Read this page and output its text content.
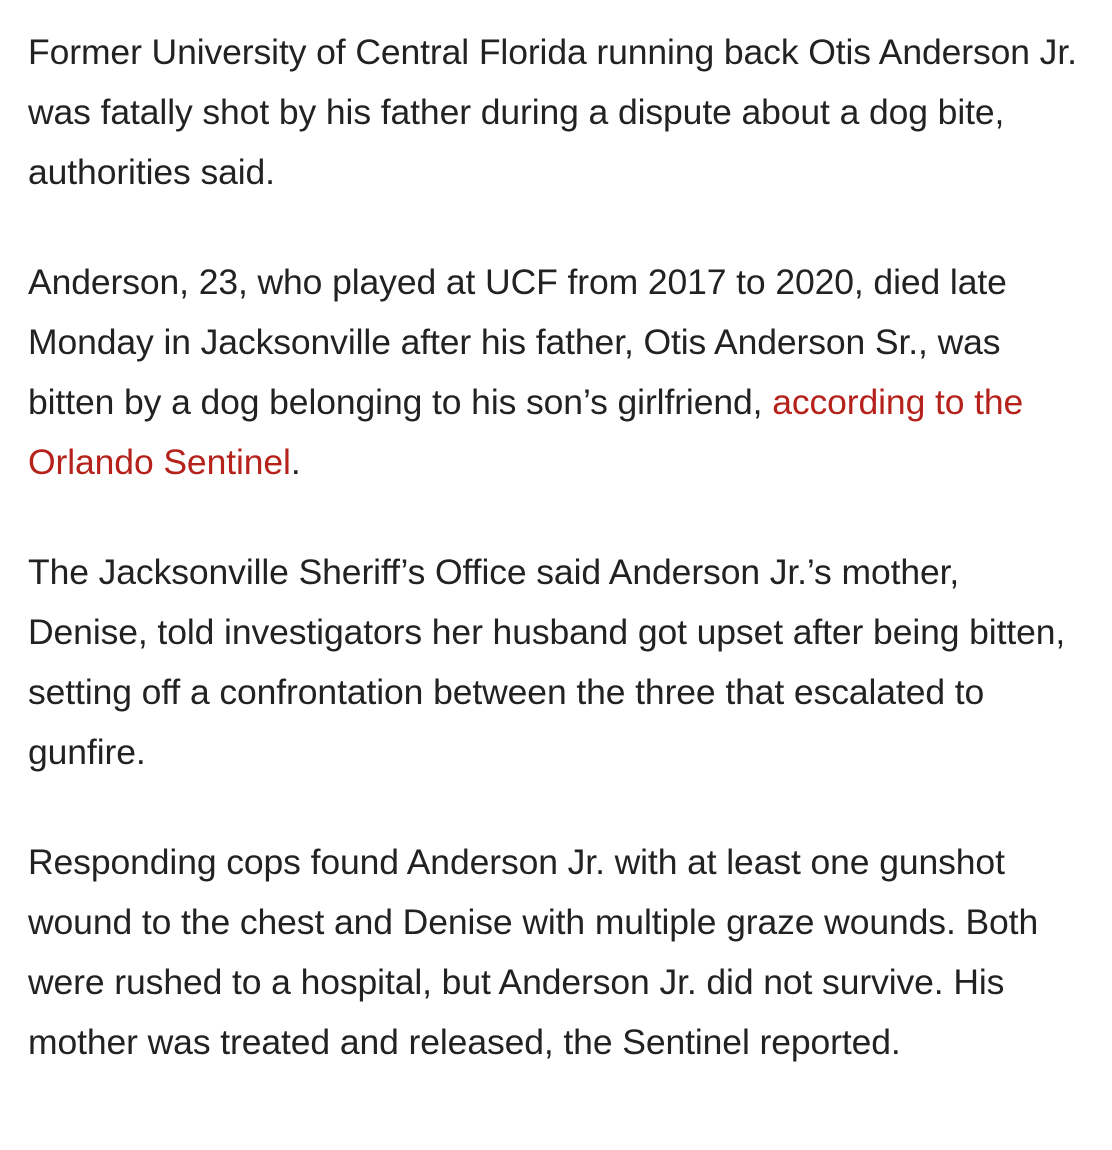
Former University of Central Florida running back Otis Anderson Jr. was fatally shot by his father during a dispute about a dog bite, authorities said.

Anderson, 23, who played at UCF from 2017 to 2020, died late Monday in Jacksonville after his father, Otis Anderson Sr., was bitten by a dog belonging to his son’s girlfriend, according to the Orlando Sentinel.

The Jacksonville Sheriff’s Office said Anderson Jr.’s mother, Denise, told investigators her husband got upset after being bitten, setting off a confrontation between the three that escalated to gunfire.

Responding cops found Anderson Jr. with at least one gunshot wound to the chest and Denise with multiple graze wounds. Both were rushed to a hospital, but Anderson Jr. did not survive. His mother was treated and released, the Sentinel reported.
